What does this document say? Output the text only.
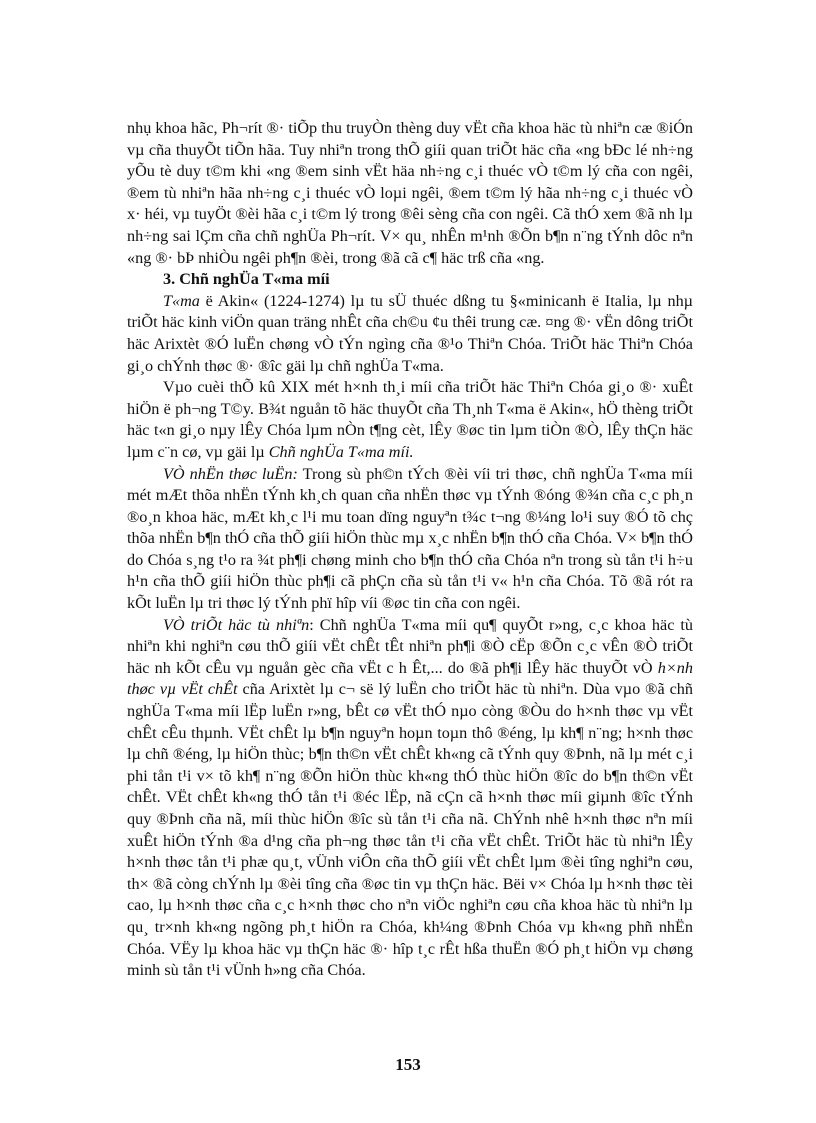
nhụ khoa hãc, Ph¬rít ®· tiÕp thu truyÒn thèng duy vËt cña khoa häc tù nhiªn cæ ®iÓn vµ cña thuyÕt tiÕn hãa. Tuy nhiªn trong thÕ giíi quan triÕt häc cña «ng bÐc lé nh÷ng yÕu tè duy t©m khi «ng ®em sinh vËt häa nh÷ng c¸i thuéc vÒ t©m lý cña con ngêi, ®em tù nhiªn hãa nh÷ng c¸i thuéc vÒ loµi ngêi, ®em t©m lý hãa nh÷ng c¸i thuéc vÒ x· héi, vµ tuyÖt ®èi hãa c¸i t©m lý trong ®êi sèng cña con ngêi. Cã thÓ xem ®ã nh lµ nh÷ng sai lÇm cña chñ nghÜa Ph¬rít. V× qu¸ nhÊn m¹nh ®Õn b¶n n¨ng tÝnh dôc nªn «ng ®· bÞ nhiÒu ngêi ph¶n ®èi, trong ®ã cã c¶ häc trß cña «ng.

3. Chñ nghÜa T«ma míi

T«ma ë Akin« (1224-1274) lµ tu sÜ thuéc dßng tu §«minicanh ë Italia, lµ nhµ triÕt häc kinh viÖn quan träng nhÊt cña ch©u ¢u thêi trung cæ. ¤ng ®· vËn dông triÕt häc Arixtèt ®Ó luËn chøng vÒ tÝn ngìng cña ®¹o Thiªn Chóa. TriÕt häc Thiªn Chóa gi¸o chÝnh thøc ®· ®îc gäi lµ chñ nghÜa T«ma.

Vµo cuèi thÕ kû XIX mét h×nh th¸i míi cña triÕt häc Thiªn Chóa gi¸o ®· xuÊt hiÖn ë ph¬ng T©y. B¾t nguån tõ häc thuyÕt cña Th¸nh T«ma ë Akin«, hÖ thèng triÕt häc t«n gi¸o nµy lÊy Chóa lµm nÒn t¶ng cèt, lÊy ®øc tin lµm tiÒn ®Ò, lÊy thÇn häc lµm c¨n cø, vµ gäi lµ Chñ nghÜa T«ma míi.

VÒ nhËn thøc luËn: Trong sù ph©n tÝch ®èi víi tri thøc, chñ nghÜa T«ma míi mét mÆt thõa nhËn tÝnh kh¸ch quan cña nhËn thøc vµ tÝnh ®óng ®¾n cña c¸c ph¸n ®o¸n khoa häc, mÆt kh¸c l¹i mu toan dïng nguyªn t¾c t¬ng ®¼ng lo¹i suy ®Ó tõ chç thõa nhËn b¶n thÓ cña thÕ giíi hiÖn thùc mµ x¸c nhËn b¶n thÓ cña Chóa. V× b¶n thÓ do Chóa s¸ng t¹o ra ¾t ph¶i chøng minh cho b¶n thÓ cña Chóa nªn trong sù tån t¹i h÷u h¹n cña thÕ giíi hiÖn thùc ph¶i cã phÇn cña sù tån t¹i v« h¹n cña Chóa. Tõ ®ã rót ra kÕt luËn lµ tri thøc lý tÝnh phï hîp víi ®øc tin cña con ngêi.

VÒ triÕt häc tù nhiªn: Chñ nghÜa T«ma míi qu¶ quyÕt r»ng, c¸c khoa häc tù nhiªn khi nghiªn cøu thÕ giíi vËt chÊt tÊt nhiªn ph¶i ®Ò cËp ®Õn c¸c vÊn ®Ò triÕt häc nh kÕt cÊu vµ nguån gèc cña vËt c h Êt,... do ®ã ph¶i lÊy häc thuyÕt vÒ h×nh thøc vµ vËt chÊt cña Arixtèt lµ c¬ së lý luËn cho triÕt häc tù nhiªn. Dùa vµo ®ã chñ nghÜa T«ma míi lËp luËn r»ng, bÊt cø vËt thÓ nµo còng ®Òu do h×nh thøc vµ vËt chÊt cÊu thµnh. VËt chÊt lµ b¶n nguyªn hoµn toµn thô ®éng, lµ kh¶ n¨ng; h×nh thøc lµ chñ ®éng, lµ hiÖn thùc; b¶n th©n vËt chÊt kh«ng cã tÝnh quy ®Þnh, nã lµ mét c¸i phi tån t¹i v× tõ kh¶ n¨ng ®Õn hiÖn thùc kh«ng thÓ thùc hiÖn ®îc do b¶n th©n vËt chÊt. VËt chÊt kh«ng thÓ tån t¹i ®éc lËp, nã cÇn cã h×nh thøc míi giµnh ®îc tÝnh quy ®Þnh cña nã, míi thùc hiÖn ®îc sù tån t¹i cña nã. ChÝnh nhê h×nh thøc nªn míi xuÊt hiÖn tÝnh ®a d¹ng cña ph¬ng thøc tån t¹i cña vËt chÊt. TriÕt häc tù nhiªn lÊy h×nh thøc tån t¹i phæ qu¸t, vÜnh viÔn cña thÕ giíi vËt chÊt lµm ®èi tîng nghiªn cøu, th× ®ã còng chÝnh lµ ®èi tîng cña ®øc tin vµ thÇn häc. Bëi v× Chóa lµ h×nh thøc tèi cao, lµ h×nh thøc cña c¸c h×nh thøc cho nªn viÖc nghiªn cøu cña khoa häc tù nhiªn lµ qu¸ tr×nh kh«ng ngõng ph¸t hiÖn ra Chóa, kh¼ng ®Þnh Chóa vµ kh«ng phñ nhËn Chóa. VËy lµ khoa häc vµ thÇn häc ®· hîp t¸c rÊt hßa thuËn ®Ó ph¸t hiÖn vµ chøng minh sù tån t¹i vÜnh h»ng cña Chóa.

153
